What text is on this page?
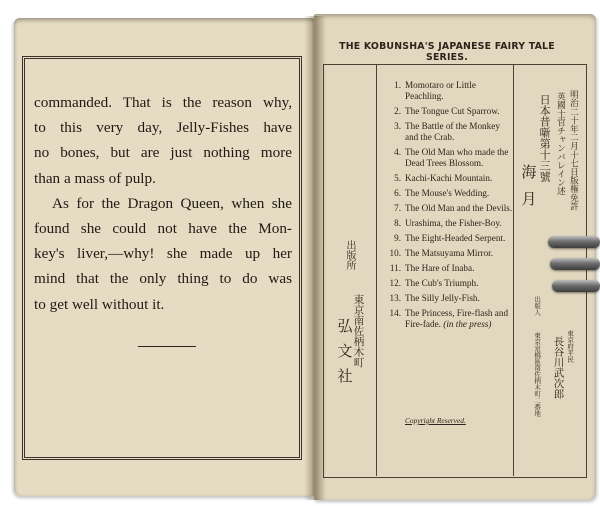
commanded. That is the reason why,

to this very day, Jelly-Fishes have

no bones, but are just nothing more

than a mass of pulp.

As for the Dragon Queen, when she

found she could not have the Mon-

key's liver,—why! she made up her

mind that the only thing to do was

to get well without it.

THE KOBUNSHA'S JAPANESE FAIRY TALE SERIES.
1. Momotaro or Little Peachling.
2. The Tongue Cut Sparrow.
3. The Battle of the Monkey and the Crab.
4. The Old Man who made the Dead Trees Blossom.
5. Kachi-Kachi Mountain.
6. The Mouse's Wedding.
7. The Old Man and the Devils.
8. Urashima, the Fisher-Boy.
9. The Eight-Headed Serpent.
10. The Matsuyama Mirror.
11. The Hare of Inaba.
12. The Cub's Triumph.
13. The Silly Jelly-Fish.
14. The Princess, Fire-flash and Fire-fade. (in the press)
Copyright Reserved.
出版所
東京南佐柄木町
弘文社
明治二十年二月十七日版権免許
英國士官チャンバレイン述
日本昔噺第十三號
海月
出版人
東京府平民
長谷川武次郎
東京京橋區南佐柄木町二番地
